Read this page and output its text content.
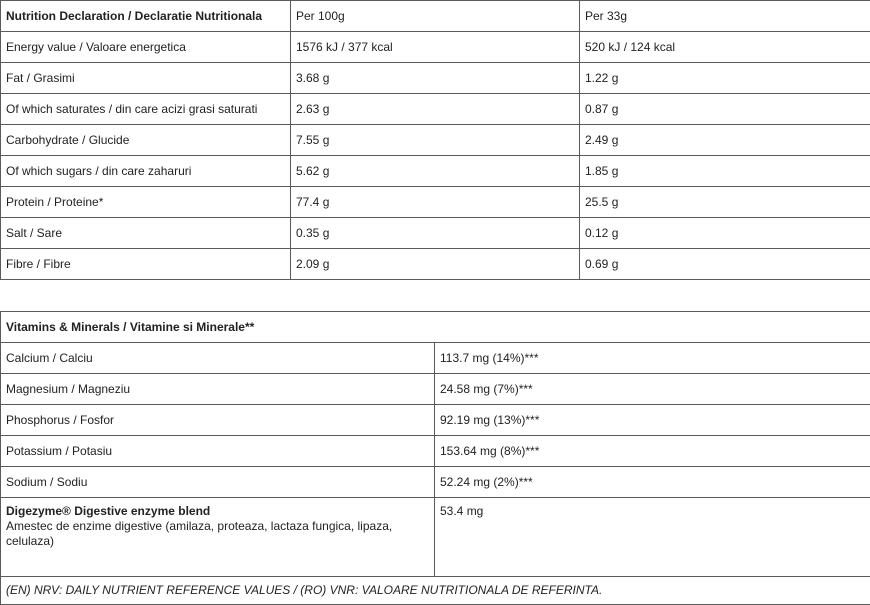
Nutrition Declaration / Declaratie Nutritionala	Per 100g	Per 33g
Energy value / Valoare energetica	1576 kJ / 377 kcal	520 kJ / 124 kcal
Fat / Grasimi	3.68 g	1.22 g
Of which saturates / din care acizi grasi saturati	2.63 g	0.87 g
Carbohydrate / Glucide	7.55 g	2.49 g
Of which sugars / din care zaharuri	5.62 g	1.85 g
Protein / Proteine*	77.4 g	25.5 g
Salt / Sare	0.35 g	0.12 g
Fibre / Fibre	2.09 g	0.69 g
Vitamins & Minerals / Vitamine si Minerale**	
Calcium / Calciu	113.7 mg (14%)***
Magnesium / Magneziu	24.58 mg (7%)***
Phosphorus / Fosfor	92.19 mg (13%)***
Potassium / Potasiu	153.64 mg (8%)***
Sodium / Sodiu	52.24 mg (2%)***

Digezyme® Digestive enzyme blend
Amestec de enzime digestive (amilaza, proteaza, lactaza fungica, lipaza, celulaza)	53.4 mg
(EN) NRV: DAILY NUTRIENT REFERENCE VALUES / (RO) VNR: VALOARE NUTRITIONALA DE REFERINTA.	
